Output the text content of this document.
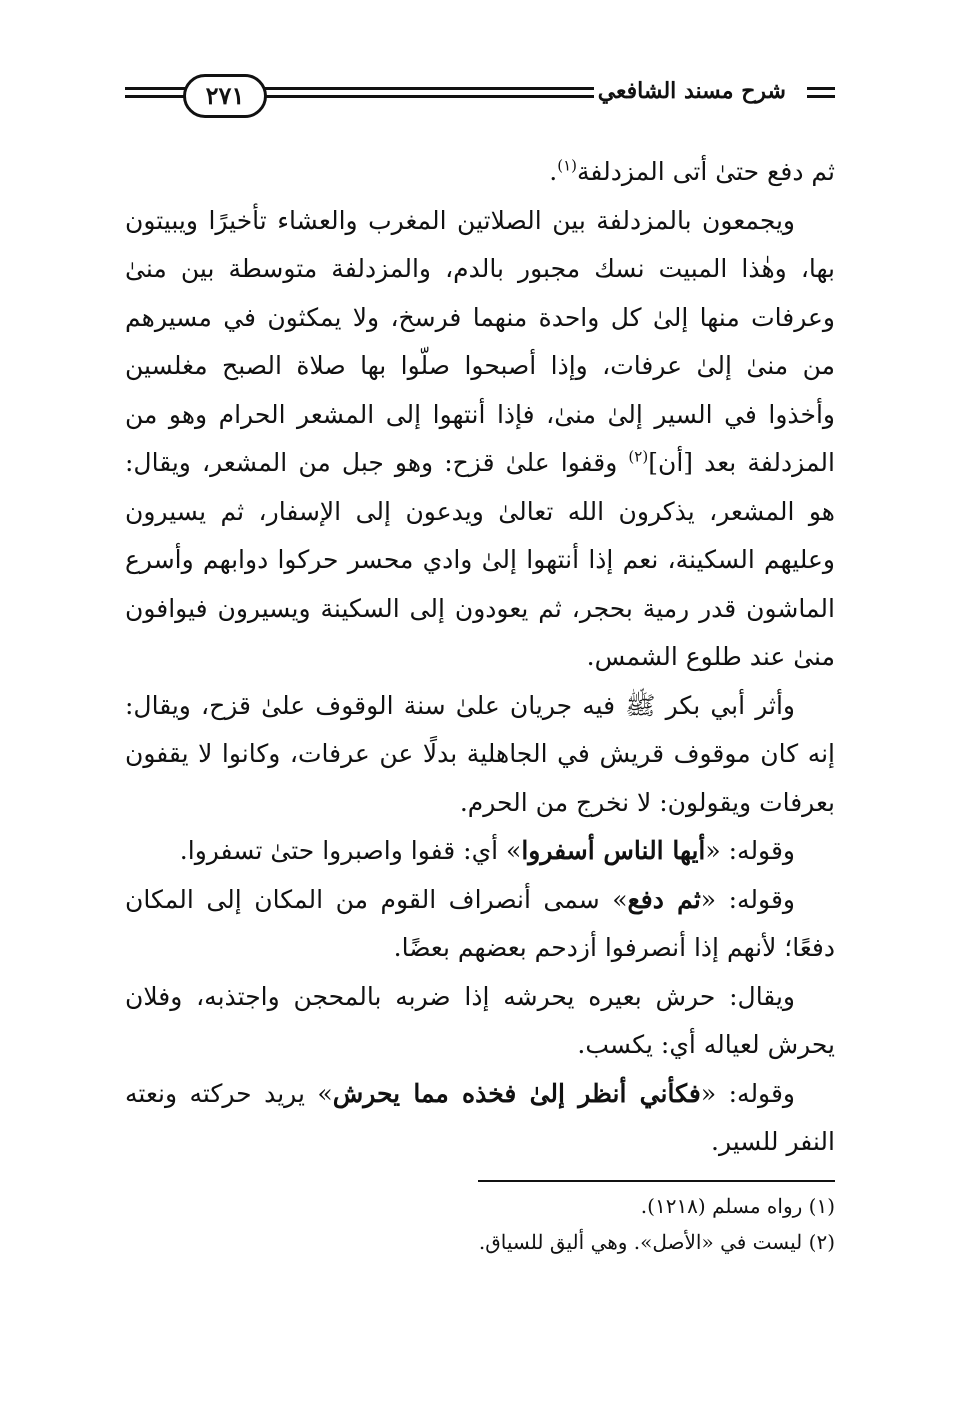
٢٧١	شرح مسند الشافعي

ثم دفع حتىٰ أتى المزدلفة$^{(١)}$.

ويجمعون بالمزدلفة بين الصلاتين المغرب والعشاء تأخيرًا ويبيتون بها، وهٰذا المبيت نسك مجبور بالدم، والمزدلفة متوسطة بين منىٰ وعرفات منها إلىٰ كل واحدة منهما فرسخ، ولا يمكثون في مسيرهم من منىٰ إلىٰ عرفات، وإذا أصبحوا صلّوا بها صلاة الصبح مغلسين وأخذوا في السير إلىٰ منىٰ، فإذا أنتهوا إلى المشعر الحرام وهو من المزدلفة بعد [أن]$^{(٢)}$ وقفوا علىٰ قزح: وهو جبل من المشعر، ويقال: هو المشعر، يذكرون الله تعالىٰ ويدعون إلى الإسفار، ثم يسيرون وعليهم السكينة، نعم إذا أنتهوا إلىٰ وادي محسر حركوا دوابهم وأسرع الماشون قدر رمية بحجر، ثم يعودون إلى السكينة ويسيرون فيوافون منىٰ عند طلوع الشمس.

وأثر أبي بكر ﷺ فيه جريان علىٰ سنة الوقوف علىٰ قزح، ويقال: إنه كان موقوف قريش في الجاهلية بدلًا عن عرفات، وكانوا لا يقفون بعرفات ويقولون: لا نخرج من الحرم.

وقوله: «أيها الناس أسفروا» أي: قفوا واصبروا حتىٰ تسفروا.

وقوله: «ثم دفع» سمى أنصراف القوم من المكان إلى المكان دفعًا؛ لأنهم إذا أنصرفوا أزدحم بعضهم بعضًا.

ويقال: حرش بعيره يحرشه إذا ضربه بالمحجن واجتذبه، وفلان يحرش لعياله أي: يكسب.

وقوله: «فكأني أنظر إلىٰ فخذه مما يحرش» يريد حركته ونعته النفر للسير.

(١) رواه مسلم (١٢١٨).

(٢) ليست في «الأصل». وهي أليق للسياق.
